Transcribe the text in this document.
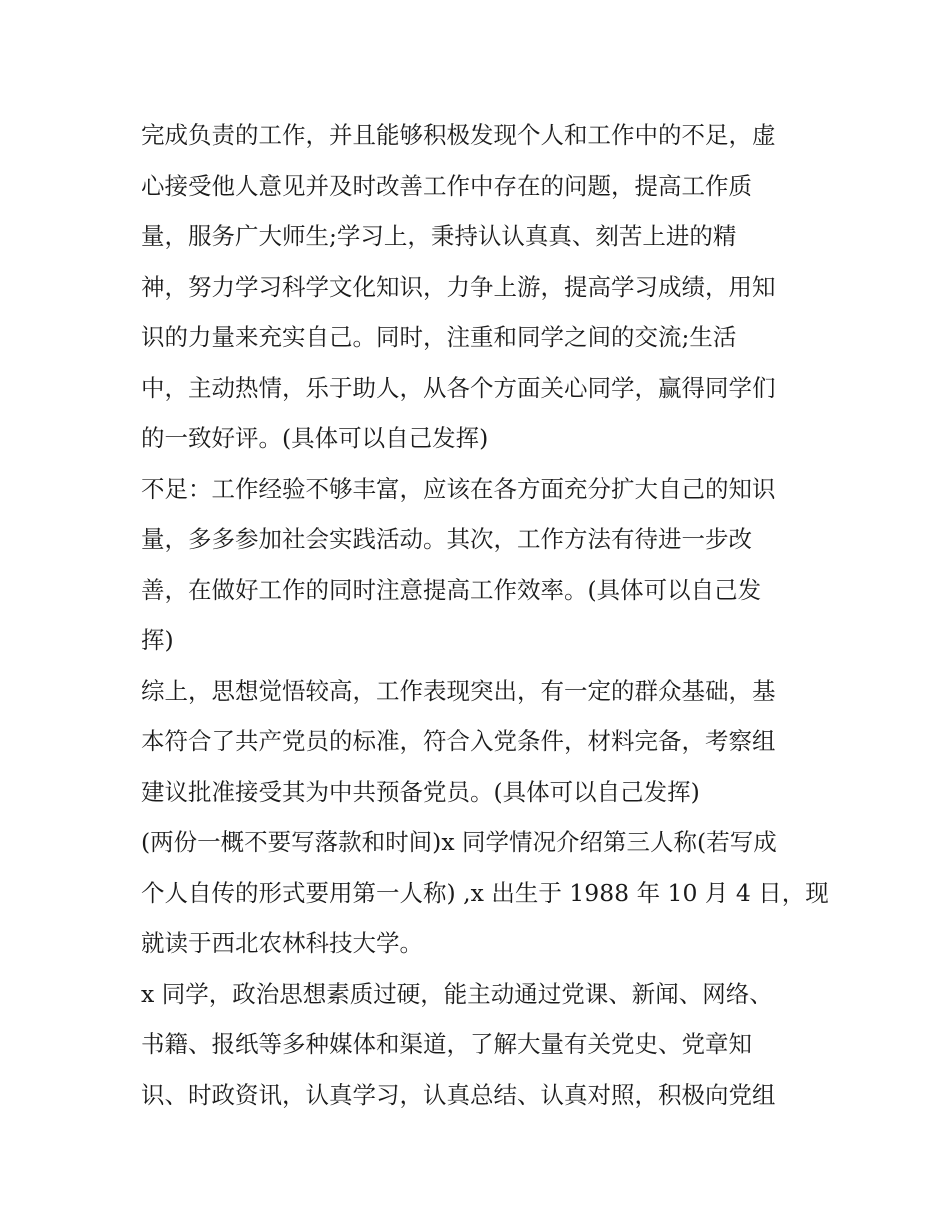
完成负责的工作，并且能够积极发现个人和工作中的不足，虚
心接受他人意见并及时改善工作中存在的问题，提高工作质
量，服务广大师生;学习上，秉持认认真真、刻苦上进的精
神，努力学习科学文化知识，力争上游，提高学习成绩，用知
识的力量来充实自己。同时，注重和同学之间的交流;生活
中，主动热情，乐于助人，从各个方面关心同学，赢得同学们
的一致好评。(具体可以自己发挥)
不足：工作经验不够丰富，应该在各方面充分扩大自己的知识
量，多多参加社会实践活动。其次，工作方法有待进一步改
善，在做好工作的同时注意提高工作效率。(具体可以自己发
挥)
综上，思想觉悟较高，工作表现突出，有一定的群众基础，基
本符合了共产党员的标准，符合入党条件，材料完备，考察组
建议批准接受其为中共预备党员。(具体可以自己发挥)
(两份一概不要写落款和时间)x 同学情况介绍第三人称(若写成
个人自传的形式要用第一人称) ,x 出生于 1988 年 10 月 4 日，现
就读于西北农林科技大学。
x 同学，政治思想素质过硬，能主动通过党课、新闻、网络、
书籍、报纸等多种媒体和渠道，了解大量有关党史、党章知
识、时政资讯，认真学习，认真总结、认真对照，积极向党组
